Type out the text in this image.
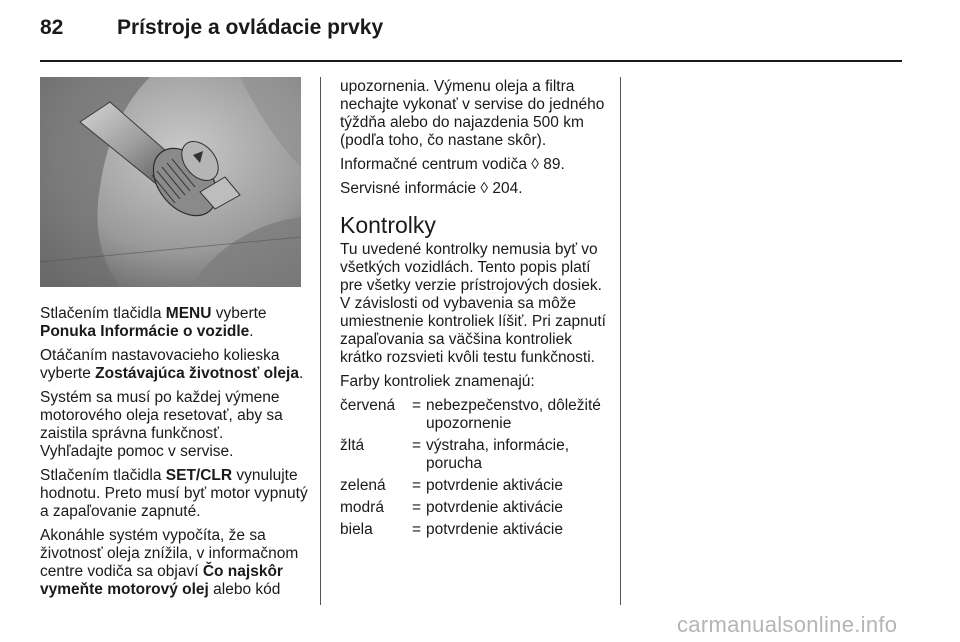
82	Prístroje a ovládacie prvky

Stlačením tlačidla MENU vyberte Ponuka Informácie o vozidle.

Otáčaním nastavovacieho kolieska vyberte Zostávajúca životnosť oleja.

Systém sa musí po každej výmene motorového oleja resetovať, aby sa zaistila správna funkčnosť.
Vyhľadajte pomoc v servise.

Stlačením tlačidla SET/CLR vynulujte hodnotu. Preto musí byť motor vypnutý a zapaľovanie zapnuté.

Akonáhle systém vypočíta, že sa životnosť oleja znížila, v informačnom centre vodiča sa objaví Čo najskôr vymeňte motorový olej alebo kód

upozornenia. Výmenu oleja a filtra nechajte vykonať v servise do jedného týždňa alebo do najazdenia 500 km (podľa toho, čo nastane skôr).

Informačné centrum vodiča ◊ 89.

Servisné informácie ◊ 204.

Kontrolky

Tu uvedené kontrolky nemusia byť vo všetkých vozidlách. Tento popis platí pre všetky verzie prístrojových dosiek. V závislosti od vybavenia sa môže umiestnenie kontroliek líšiť. Pri zapnutí zapaľovania sa väčšina kontroliek krátko rozsvieti kvôli testu funkčnosti.

Farby kontroliek znamenajú:

červená	=	nebezpečenstvo, dôležité upozornenie
žltá	=	výstraha, informácie, porucha
zelená	=	potvrdenie aktivácie
modrá	=	potvrdenie aktivácie
biela	=	potvrdenie aktivácie
carmanualsonline.info
